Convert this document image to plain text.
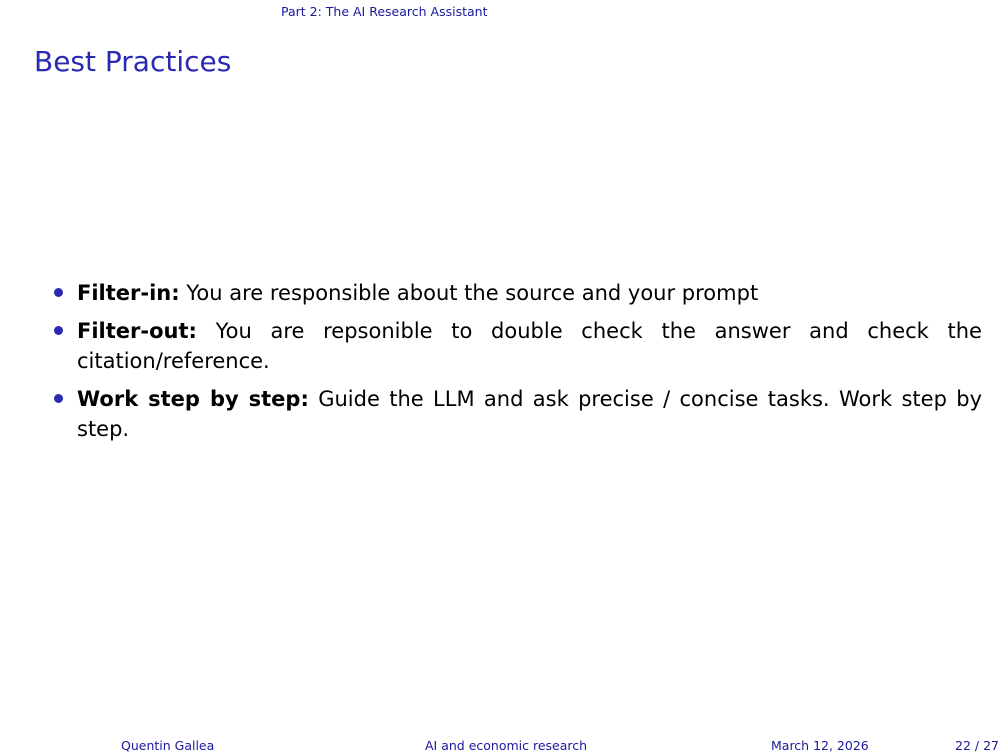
Part 2: The AI Research Assistant
Best Practices
Filter-in: You are responsible about the source and your prompt
Filter-out: You are repsonible to double check the answer and check the citation/reference.
Work step by step: Guide the LLM and ask precise / concise tasks. Work step by step.
Quentin Gallea	AI and economic research	March 12, 2026	22 / 27
